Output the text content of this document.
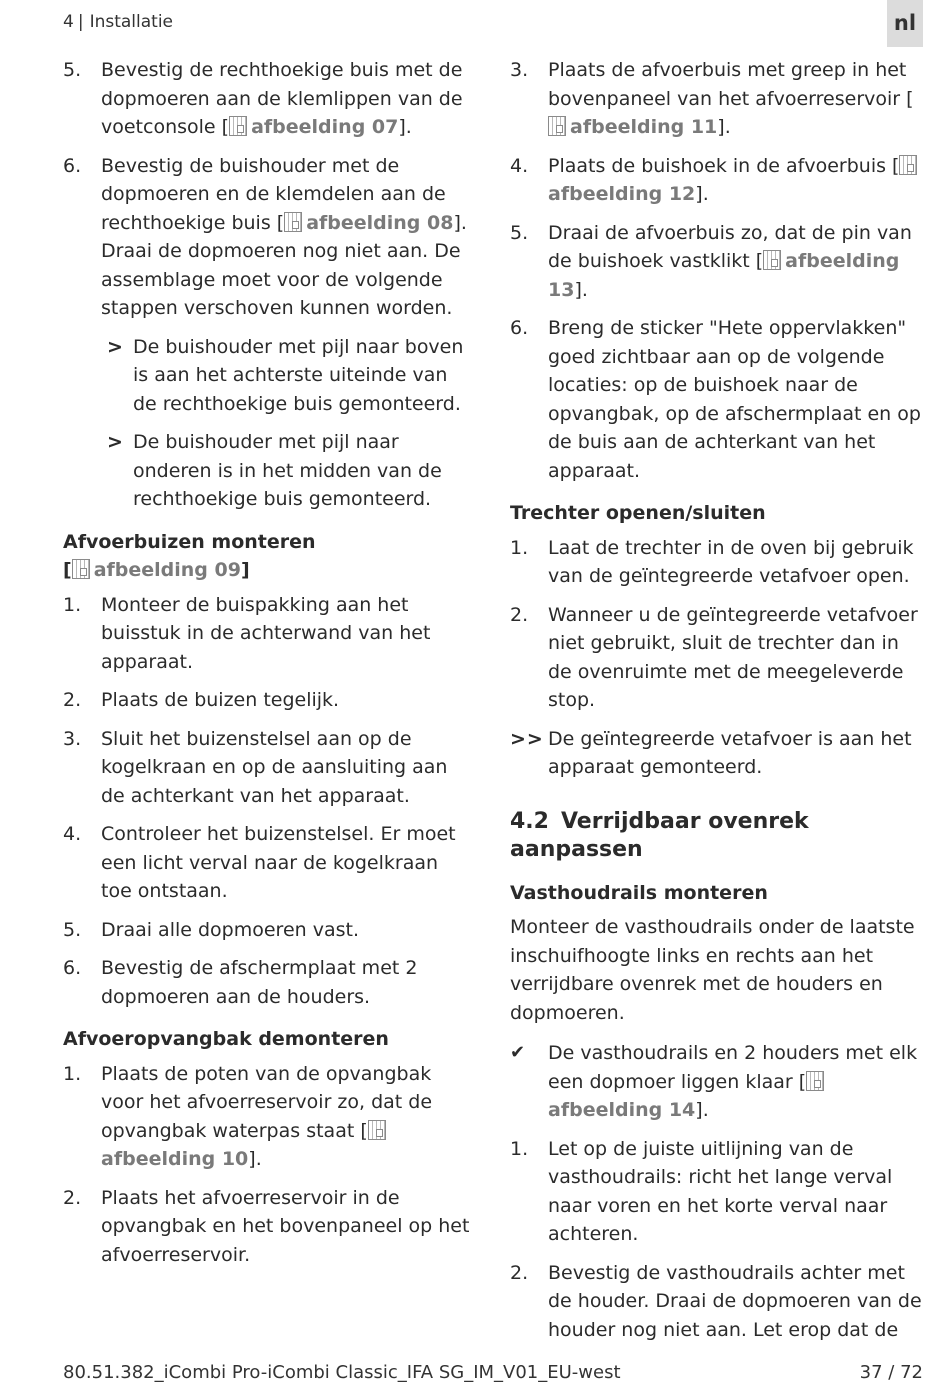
4 | Installatie	nl
5. Bevestig de rechthoekige buis met de dopmoeren aan de klemlippen van de voetconsole [ afbeelding 07].
6. Bevestig de buishouder met de dopmoeren en de klemdelen aan de rechthoekige buis [ afbeelding 08]. Draai de dopmoeren nog niet aan. De assemblage moet voor de volgende stappen verschoven kunnen worden.
> De buishouder met pijl naar boven is aan het achterste uiteinde van de rechthoekige buis gemonteerd.
> De buishouder met pijl naar onderen is in het midden van de rechthoekige buis gemonteerd.
Afvoerbuizen monteren
[ afbeelding 09]
1. Monteer de buispakking aan het buisstuk in de achterwand van het apparaat.
2. Plaats de buizen tegelijk.
3. Sluit het buizenstelsel aan op de kogelkraan en op de aansluiting aan de achterkant van het apparaat.
4. Controleer het buizenstelsel. Er moet een licht verval naar de kogelkraan toe ontstaan.
5. Draai alle dopmoeren vast.
6. Bevestig de afschermplaat met 2 dopmoeren aan de houders.
Afvoeropvangbak demonteren
1. Plaats de poten van de opvangbak voor het afvoerreservoir zo, dat de opvangbak waterpas staat [afbeelding 10].
2. Plaats het afvoerreservoir in de opvangbak en het bovenpaneel op het afvoerreservoir.
3. Plaats de afvoerbuis met greep in het bovenpaneel van het afvoerreservoir [afbeelding 11].
4. Plaats de buishoek in de afvoerbuis [afbeelding 12].
5. Draai de afvoerbuis zo, dat de pin van de buishoek vastklikt [ afbeelding 13].
6. Breng de sticker "Hete oppervlakken" goed zichtbaar aan op de volgende locaties: op de buishoek naar de opvangbak, op de afschermplaat en op de buis aan de achterkant van het apparaat.
Trechter openen/sluiten
1. Laat de trechter in de oven bij gebruik van de geïntegreerde vetafvoer open.
2. Wanneer u de geïntegreerde vetafvoer niet gebruikt, sluit de trechter dan in de ovenruimte met de meegeleverde stop.
>> De geïntegreerde vetafvoer is aan het apparaat gemonteerd.
4.2 Verrijdbaar ovenrek aanpassen
Vasthoudrails monteren
Monteer de vasthoudrails onder de laatste inschuifhoogte links en rechts aan het verrijdbare ovenrek met de houders en dopmoeren.
✔ De vasthoudrails en 2 houders met elk een dopmoer liggen klaar [afbeelding 14].
1. Let op de juiste uitlijning van de vasthoudrails: richt het lange verval naar voren en het korte verval naar achteren.
2. Bevestig de vasthoudrails achter met de houder. Draai de dopmoeren van de houder nog niet aan. Let erop dat de
80.51.382_iCombi Pro-iCombi Classic_IFA SG_IM_V01_EU-west	37 / 72
